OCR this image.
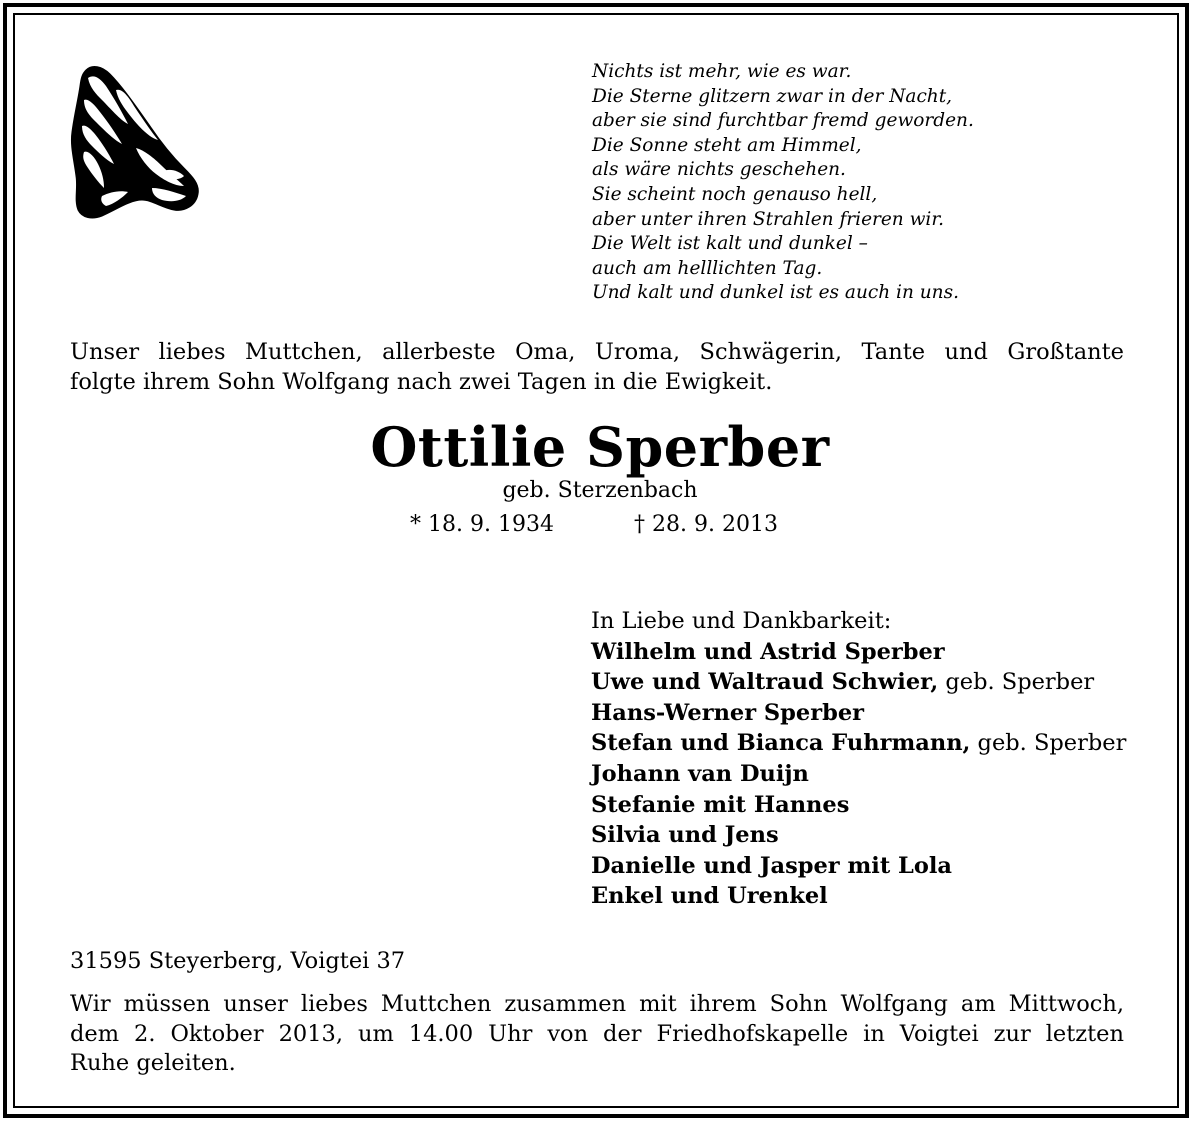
Nichts ist mehr, wie es war.
Die Sterne glitzern zwar in der Nacht,
aber sie sind furchtbar fremd geworden.
Die Sonne steht am Himmel,
als wäre nichts geschehen.
Sie scheint noch genauso hell,
aber unter ihren Strahlen frieren wir.
Die Welt ist kalt und dunkel –
auch am helllichten Tag.
Und kalt und dunkel ist es auch in uns.
Unser liebes Muttchen, allerbeste Oma, Uroma, Schwägerin, Tante und Großtante
folgte ihrem Sohn Wolfgang nach zwei Tagen in die Ewigkeit.
Ottilie Sperber
geb. Sterzenbach
* 18. 9. 1934	† 28. 9. 2013
In Liebe und Dankbarkeit:
Wilhelm und Astrid Sperber
Uwe und Waltraud Schwier, geb. Sperber
Hans-Werner Sperber
Stefan und Bianca Fuhrmann, geb. Sperber
Johann van Duijn
Stefanie mit Hannes
Silvia und Jens
Danielle und Jasper mit Lola
Enkel und Urenkel
31595 Steyerberg, Voigtei 37
Wir müssen unser liebes Muttchen zusammen mit ihrem Sohn Wolfgang am Mittwoch,
dem 2. Oktober 2013, um 14.00 Uhr von der Friedhofskapelle in Voigtei zur letzten
Ruhe geleiten.
